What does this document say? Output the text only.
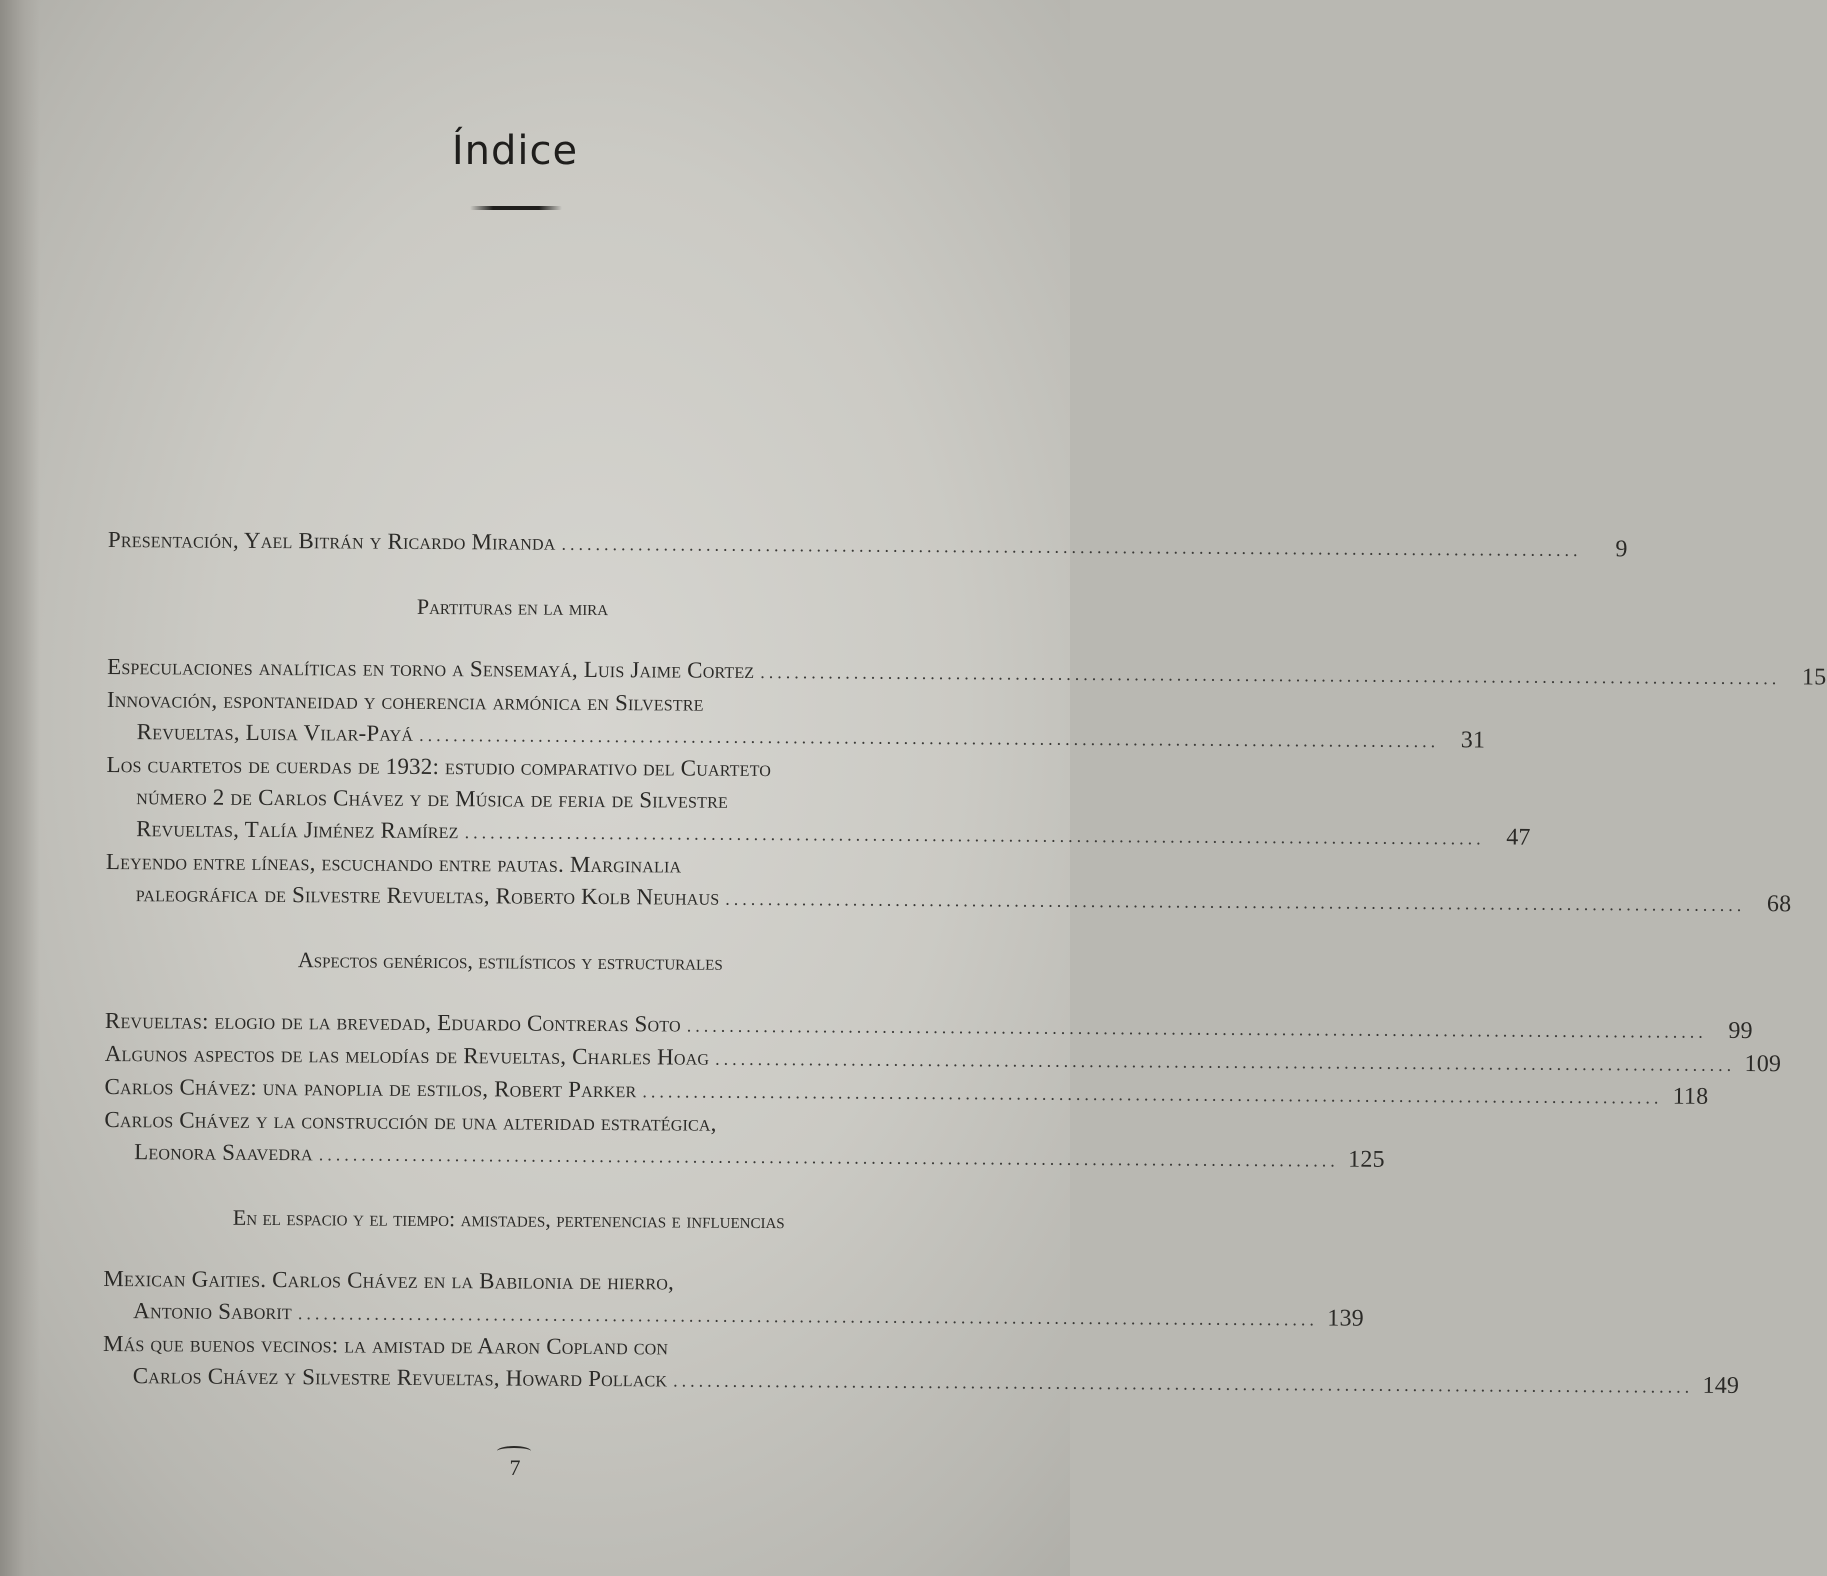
Índice
Presentación, Yael Bitrán y Ricardo Miranda ........................................................................................................................	9
Partituras en la mira
Especulaciones analíticas en torno a Sensemayá, Luis Jaime Cortez ........................................................................................................................ 15
Innovación, espontaneidad y coherencia armónica en Silvestre
Revueltas, Luisa Vilar-Payá ........................................................................................................................ 31
Los cuartetos de cuerdas de 1932: estudio comparativo del Cuarteto
número 2 de Carlos Chávez y de Música de feria de Silvestre
Revueltas, Talía Jiménez Ramírez ........................................................................................................................ 47
Leyendo entre líneas, escuchando entre pautas. Marginalia
paleográfica de Silvestre Revueltas, Roberto Kolb Neuhaus ........................................................................................................................ 68
Aspectos genéricos, estilísticos y estructurales
Revueltas: elogio de la brevedad, Eduardo Contreras Soto ........................................................................................................................ 99
Algunos aspectos de las melodías de Revueltas, Charles Hoag ........................................................................................................................ 109
Carlos Chávez: una panoplia de estilos, Robert Parker ........................................................................................................................ 118
Carlos Chávez y la construcción de una alteridad estratégica,
Leonora Saavedra ........................................................................................................................ 125
En el espacio y el tiempo: amistades, pertenencias e influencias
Mexican Gaities. Carlos Chávez en la Babilonia de hierro,
Antonio Saborit ........................................................................................................................ 139
Más que buenos vecinos: la amistad de Aaron Copland con
Carlos Chávez y Silvestre Revueltas, Howard Pollack ........................................................................................................................ 149
7
